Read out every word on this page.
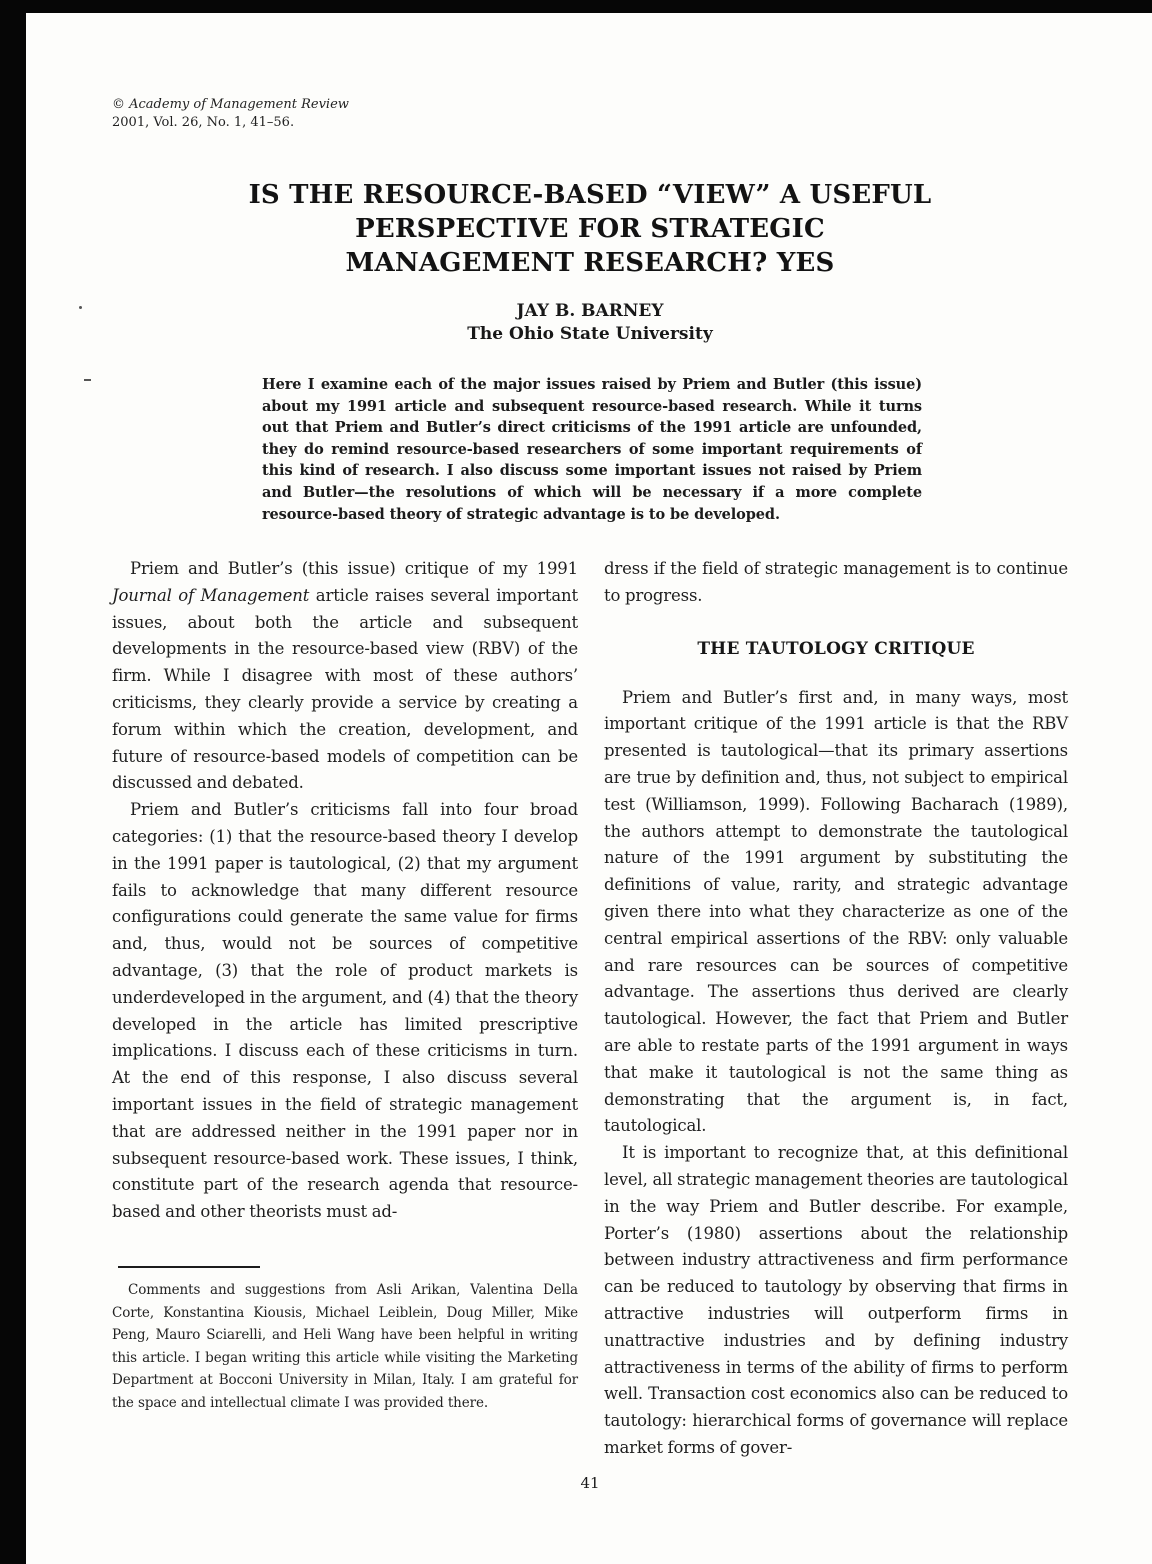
© Academy of Management Review
2001, Vol. 26, No. 1, 41–56.
IS THE RESOURCE-BASED “VIEW” A USEFUL
PERSPECTIVE FOR STRATEGIC
MANAGEMENT RESEARCH? YES
JAY B. BARNEY
The Ohio State University

Here I examine each of the major issues raised by Priem and Butler (this issue) about my 1991 article and subsequent resource-based research. While it turns out that Priem and Butler’s direct criticisms of the 1991 article are unfounded, they do remind resource-based researchers of some important requirements of this kind of research. I also discuss some important issues not raised by Priem and Butler—the resolutions of which will be necessary if a more complete resource-based theory of strategic advantage is to be developed.

Priem and Butler’s (this issue) critique of my 1991 Journal of Management article raises several important issues, about both the article and subsequent developments in the resource-based view (RBV) of the firm. While I disagree with most of these authors’ criticisms, they clearly provide a service by creating a forum within which the creation, development, and future of resource-based models of competition can be discussed and debated.

Priem and Butler’s criticisms fall into four broad categories: (1) that the resource-based theory I develop in the 1991 paper is tautological, (2) that my argument fails to acknowledge that many different resource configurations could generate the same value for firms and, thus, would not be sources of competitive advantage, (3) that the role of product markets is underdeveloped in the argument, and (4) that the theory developed in the article has limited prescriptive implications. I discuss each of these criticisms in turn. At the end of this response, I also discuss several important issues in the field of strategic management that are addressed neither in the 1991 paper nor in subsequent resource-based work. These issues, I think, constitute part of the research agenda that resource-based and other theorists must ad-

dress if the field of strategic management is to continue to progress.

THE TAUTOLOGY CRITIQUE

Priem and Butler’s first and, in many ways, most important critique of the 1991 article is that the RBV presented is tautological—that its primary assertions are true by definition and, thus, not subject to empirical test (Williamson, 1999). Following Bacharach (1989), the authors attempt to demonstrate the tautological nature of the 1991 argument by substituting the definitions of value, rarity, and strategic advantage given there into what they characterize as one of the central empirical assertions of the RBV: only valuable and rare resources can be sources of competitive advantage. The assertions thus derived are clearly tautological. However, the fact that Priem and Butler are able to restate parts of the 1991 argument in ways that make it tautological is not the same thing as demonstrating that the argument is, in fact, tautological.

It is important to recognize that, at this definitional level, all strategic management theories are tautological in the way Priem and Butler describe. For example, Porter’s (1980) assertions about the relationship between industry attractiveness and firm performance can be reduced to tautology by observing that firms in attractive industries will outperform firms in unattractive industries and by defining industry attractiveness in terms of the ability of firms to perform well. Transaction cost economics also can be reduced to tautology: hierarchical forms of governance will replace market forms of gover-

Comments and suggestions from Asli Arikan, Valentina Della Corte, Konstantina Kiousis, Michael Leiblein, Doug Miller, Mike Peng, Mauro Sciarelli, and Heli Wang have been helpful in writing this article. I began writing this article while visiting the Marketing Department at Bocconi University in Milan, Italy. I am grateful for the space and intellectual climate I was provided there.

41
